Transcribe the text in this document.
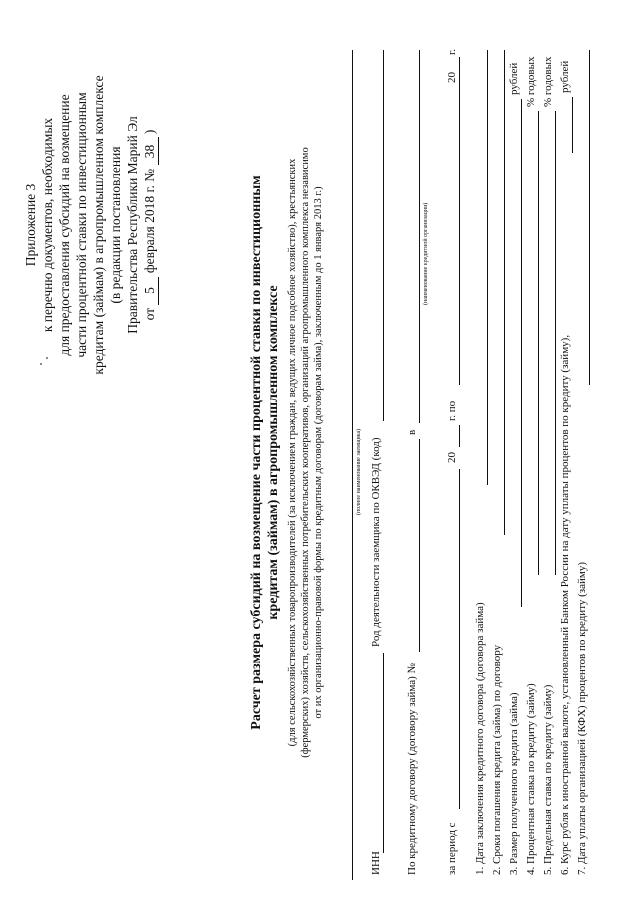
Приложение 3 к перечню документов, необходимых для предоставления субсидий на возмещение части процентной ставки по инвестиционным кредитам (займам) в агропромышленном комплексе (в редакции постановления Правительства Республики Марий Эл от 5 февраля 2018 г. № 38 )
Расчет размера субсидий на возмещение части процентной ставки по инвестиционным кредитам (займам) в агропромышленном комплексе (для сельскохозяйственных товаропроизводителей (за исключением граждан, ведущих личное подсобное хозяйство), крестьянских (фермерских) хозяйств, сельскохозяйственных потребительских кооперативов, организаций агропромышленного комплекса независимо от их организационно-правовой формы по кредитным договорам (договорам займа), заключенным до 1 января 2013 г.)	(полное наименование заемщика)
ИНН
Род деятельности заемщика по ОКВЭД (код)
По кредитному договору (договору займа) №
в
(наименование кредитной организации)
за период с
20
г. по
20
г.
1. Дата заключения кредитного договора (договора займа) 2. Сроки погашения кредита (займа) по договору 3. Размер полученного кредита (займа)
рублей
4. Процентная ставка по кредиту (займу)
% годовых
5. Предельная ставка по кредиту (займу)
% годовых
6. Курс рубля к иностранной валюте, установленный Банком России на дату уплаты процентов по кредиту (займу),
рублей
7. Дата уплаты организацией (КФХ) процентов по кредиту (займу)
